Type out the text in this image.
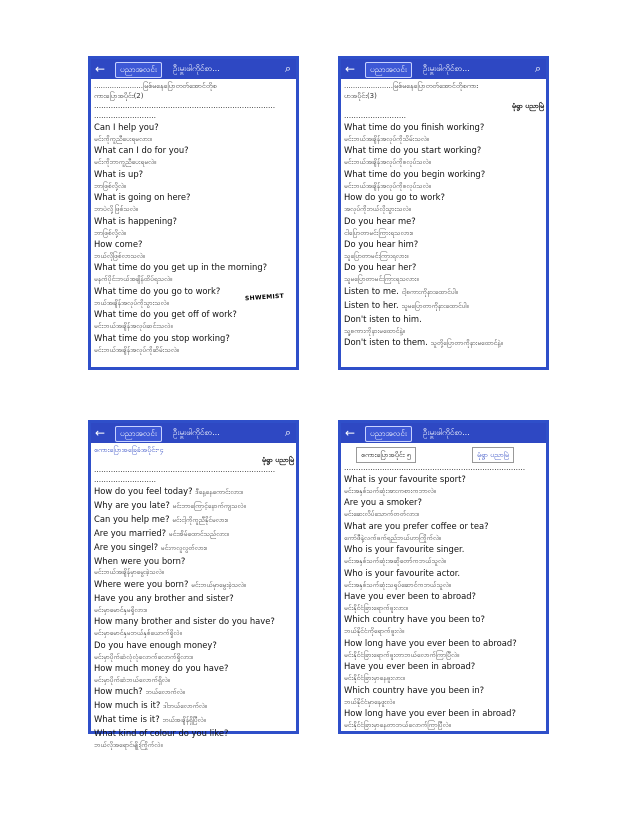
←	ပညာအလင်း	ဦးမှူးဖါကိုင်စာ...	⌕
......................မြစ်မနေပြောတတ်အောင်တိုစ
ကားပြောအပိုင်း(2)
............................................................................
..........................
Can I help you?
မင်းကိုကူညီပေးရမလား။
What can I do for you?
မင်းကိုဘာကူညီပေးရမလဲ။
What is up?
ဘာဖြစ်လို့လဲ။
What is going on here?
ဘာပဲလို့ဖြစ်သလဲ။
What is happening?
ဘာဖြစ်လို့လဲ။
How come?
ဘယ်လိုဖြစ်လာသလဲ။
What time do you get up in the morning?
မနက်ပိုင်းဘယ်အချိန်ထိပ်ရသလဲ။
What time do you go to work?
ဘယ်အချိန်အလုပ်ကိုသွားသလဲ။
What time do you get off of work?
မင်းဘယ်အချိန်အလုပ်ဆင်းသလဲ။
What time do you stop working?
မင်းဘယ်အချိန်အလုပ်ကိုဆိမ်းသလဲ။
SHWEMIST
←	ပညာအလင်း	ဦးမှူးဖါကိုင်စာ...	⌕
......................မြစ်မနေပြောတတ်အောင်တိုစကား
ပာအပိုင်း(3)
မုံရွာ ပညာမြဲ
..........................
What time do you finish working?
မင်းဘယ်အချိန်အလုပ်ကိုသိမ်းသလဲ။
What time do you start working?
မင်းဘယ်အချိန်အလုပ်ကိုစလုပ်သလဲ။
What time do you begin working?
မင်းဘယ်အချိန်အလုပ်ကိုစလုပ်သလဲ။
How do you go to work?
အလုပ်ကိုဘယ်လိုသွားသလဲ။
Do you hear me?
ငါပြောတာမင်းကြားရသလား။
Do you hear him?
သူပြောတာမင်းကြားရလား။
Do you hear her?
သူမပြောတာမင်းကြားရသလား။
Listen to me. ငါ့စကားကိုနားထောင်ပါ။
Listen to her. သူမပြောတာကိုနားထောင်ပါ။
Don't isten to him.
သူ့စကားကိုနားမထောင်နဲ့။
Don't isten to them. သူတို့ပြောတာကိုနားမထောင်နဲ့။
←	ပညာအလင်း	ဦးမှူးဖါကိုင်စာ...	⌕
စကားပြောအခြေခံအပိုင်း-၄
မုံရွာ ပညာမြဲ
............................................................................
..........................
How do you feel today? ဒီနေ့နေကောင်းလား။
Why are you late? မင်းဘာကြောင့်နောက်ကျသလဲ။
Can you help me? မင်းငါ့ကိုကူညီနိုင်မလား။
Are you married? မင်းအိမ်ထောင်သည်လား။
Are you singel? မင်းကလူလွတ်လား။
When were you born?
မင်းဘယ်အချိန်မှာမွေးခဲ့သလဲ။
Where were you born? မင်းဘယ်မှာမွေးခဲ့သလဲ။
Have you any brother and sister?
မင်းမှာမောင်နှမရှိလား။
How many brother and sister do you have?
မင်းမှာမောင်နှမဘယ်နှစ်ယောက်ရှိလဲ။
Do you have enough money?
မင်းမှာပိုက်ဆံလုံလုံလောက်လောက်ရှိလား။
How much money do you have?
မင်းမှာပိုက်ဆံဘယ်လောက်ရှိလဲ။
How much? ဘယ်လောက်လဲ။
How much is it? ဒါဘယ်လောက်လဲ။
What time is it? ဘယ်အချိန်ရှိပြီလဲ။
What kind of colour do you like?
ဘယ်လိုအရောင်မျိုးကြိုက်လဲ။
←	ပညာအလင်း	ဦးမှူးဖါကိုင်စာ...
စကားပြောအပိုင်း ၅	မုံရွာ ပညာမြဲ
............................................................................
What is your favourite sport?
မင်းအနှစ်သက်ဆုံးအားကစားကဘာလဲ။
Are you a smoker?
မင်းဆေးလိပ်သောက်တတ်လား။
What are you prefer coffee or tea?
ကော်ဖီနဲ့လက်ဖက်ရည်ဘယ်ဟာကြိုက်လဲ။
Who is your favourite singer.
မင်းအနှစ်သက်ဆုံးအဆိုတော်ကဘယ်သူလဲ။
Who is your favourite actor.
မင်းအနှစ်သက်ဆုံးသရုပ်ဆောင်ကဘယ်သူလဲ။
Have you ever been to abroad?
မင်းနိုင်ငံခြားရောက်ဖူးလား။
Which country have you been to?
ဘယ်နိုင်ငံကိုရောက်ဖူးလဲ။
How long have you ever been to abroad?
မင်းနိုင်ငံခြားရောက်ဖူးတာဘယ်လောက်ကြာပြီလဲ။
Have you ever been in abroad?
မင်းနိုင်ငံခြားမှာနေဖူးလား။
Which country have you been in?
ဘယ်နိုင်ငံမှာနေဖူးလဲ။
How long have you ever been in abroad?
မင်းနိုင်ငံခြားမှာနေတာဘယ်လောက်ကြာပြီလဲ။
